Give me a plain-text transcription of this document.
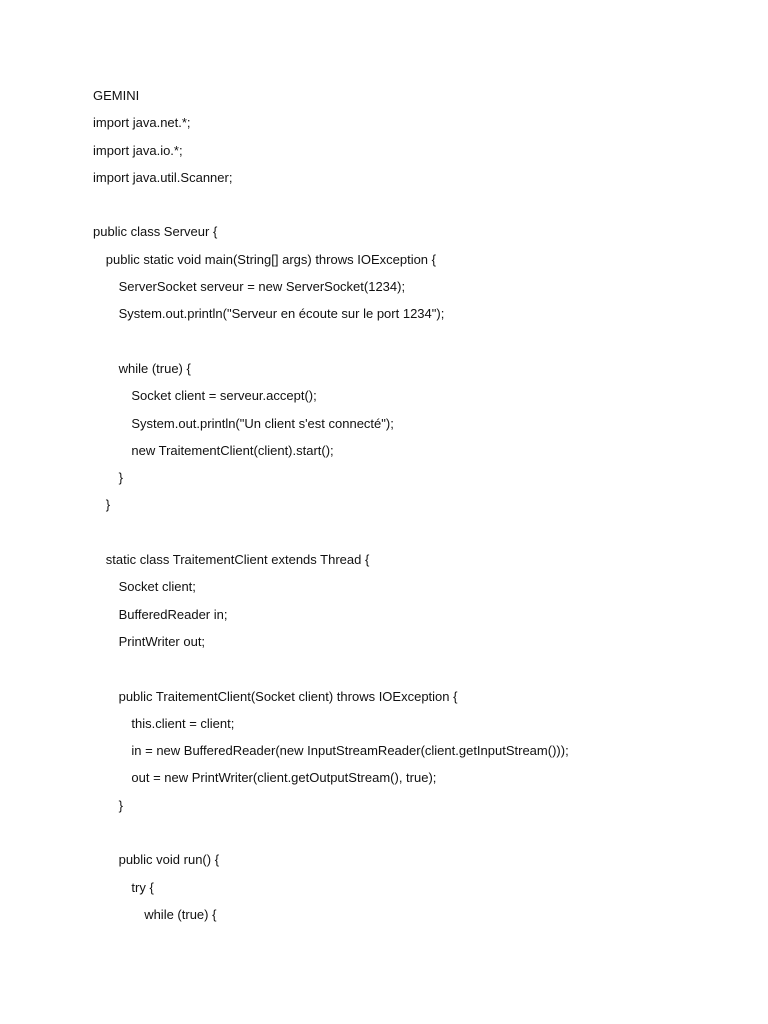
GEMINI
import java.net.*;
import java.io.*;
import java.util.Scanner;
public class Serveur {
public static void main(String[] args) throws IOException {
ServerSocket serveur = new ServerSocket(1234);
System.out.println("Serveur en écoute sur le port 1234");
while (true) {
Socket client = serveur.accept();
System.out.println("Un client s'est connecté");
new TraitementClient(client).start();
}
}
static class TraitementClient extends Thread {
Socket client;
BufferedReader in;
PrintWriter out;
public TraitementClient(Socket client) throws IOException {
this.client = client;
in = new BufferedReader(new InputStreamReader(client.getInputStream()));
out = new PrintWriter(client.getOutputStream(), true);
}
public void run() {
try {
while (true) {
